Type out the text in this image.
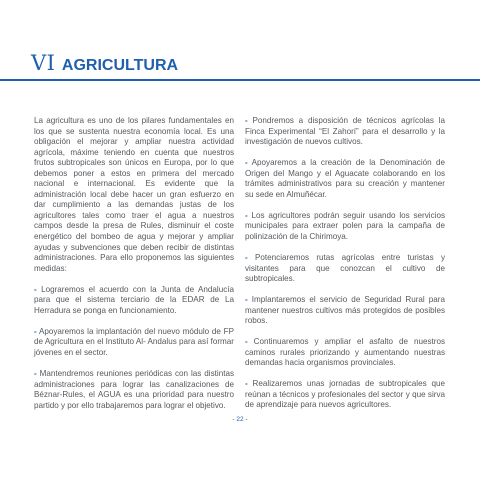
VI AGRICULTURA

La agricultura es uno de los pilares fundamentales en los que se sustenta nuestra economía local. Es una obligación el mejorar y ampliar nuestra actividad agrícola, máxime teniendo en cuenta que nuestros frutos subtropicales son únicos en Europa, por lo que debemos poner a estos en primera del mercado nacional e internacional. Es evidente que la administración local debe hacer un gran esfuerzo en dar cumplimiento a las demandas justas de los agricultores tales como traer el agua a nuestros campos desde la presa de Rules, disminuir el coste energético del bombeo de agua y mejorar y ampliar ayudas y subvenciones que deben recibir de distintas administraciones. Para ello proponemos las siguientes medidas:

- Lograremos el acuerdo con la Junta de Andalucía para que el sistema terciario de la EDAR de La Herradura se ponga en funcionamiento.

- Apoyaremos la implantación del nuevo módulo de FP de Agricultura en el Instituto Al- Andalus para así formar jóvenes en el sector.

- Mantendremos reuniones periódicas con las distintas administraciones para lograr las canalizaciones de Béznar-Rules, el AGUA es una prioridad para nuestro partido y por ello trabajaremos para lograr el objetivo.

- Pondremos a disposición de técnicos agrícolas la Finca Experimental “El Zahorí” para el desarrollo y la investigación de nuevos cultivos.

- Apoyaremos a la creación de la Denominación de Origen del Mango y el Aguacate colaborando en los trámites administrativos para su creación y mantener su sede en Almuñécar.

- Los agricultores podrán seguir usando los servicios municipales para extraer polen para la campaña de polinización de la Chirimoya.

- Potenciaremos rutas agrícolas entre turistas y visitantes para que conozcan el cultivo de subtropicales.

- Implantaremos el servicio de Seguridad Rural para mantener nuestros cultivos más protegidos de posibles robos.

- Continuaremos y ampliar el asfalto de nuestros caminos rurales priorizando y aumentando nuestras demandas hacia organismos provinciales.

- Realizaremos unas jornadas de subtropicales que reúnan a técnicos y profesionales del sector y que sirva de aprendizaje para nuevos agricultores.

- 22 -
